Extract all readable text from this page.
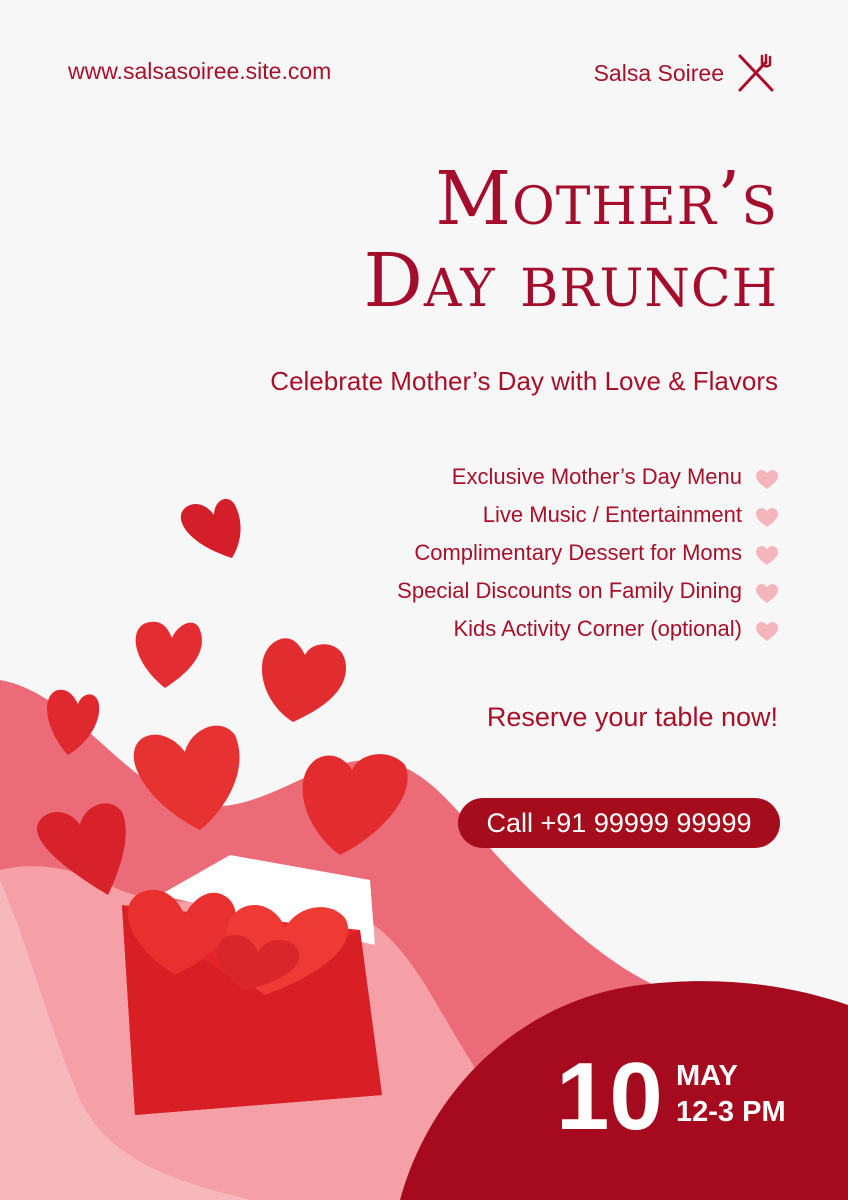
www.salsasoiree.site.com	Salsa Soiree
Mother’s
Day brunch
Celebrate Mother’s Day with Love & Flavors
Exclusive Mother’s Day Menu
Live Music / Entertainment
Complimentary Dessert for Moms
Special Discounts on Family Dining
Kids Activity Corner (optional)
Reserve your table now!
Call +91 99999 99999
10 MAY
12-3 PM
